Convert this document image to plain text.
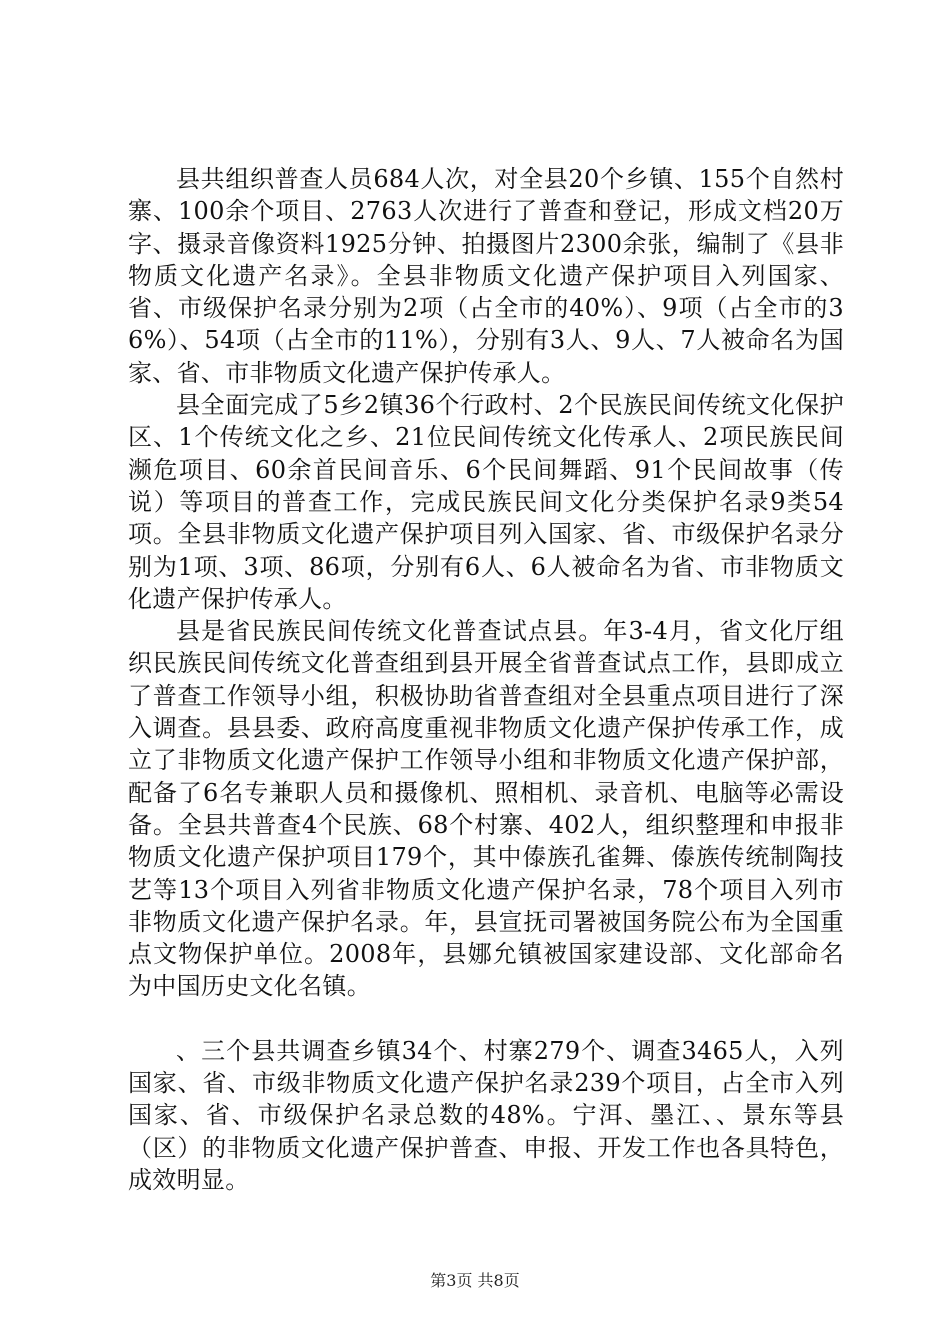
县共组织普查人员684人次，对全县20个乡镇、155个自然村寨、100余个项目、2763人次进行了普查和登记，形成文档20万字、摄录音像资料1925分钟、拍摄图片2300余张，编制了《县非物质文化遗产名录》。全县非物质文化遗产保护项目入列国家、省、市级保护名录分别为2项（占全市的40%）、9项（占全市的36%）、54项（占全市的11%），分别有3人、9人、7人被命名为国家、省、市非物质文化遗产保护传承人。

县全面完成了5乡2镇36个行政村、2个民族民间传统文化保护区、1个传统文化之乡、21位民间传统文化传承人、2项民族民间濒危项目、60余首民间音乐、6个民间舞蹈、91个民间故事（传说）等项目的普查工作，完成民族民间文化分类保护名录9类54项。全县非物质文化遗产保护项目列入国家、省、市级保护名录分别为1项、3项、86项，分别有6人、6人被命名为省、市非物质文化遗产保护传承人。

县是省民族民间传统文化普查试点县。年3-4月，省文化厅组织民族民间传统文化普查组到县开展全省普查试点工作，县即成立了普查工作领导小组，积极协助省普查组对全县重点项目进行了深入调查。县县委、政府高度重视非物质文化遗产保护传承工作，成立了非物质文化遗产保护工作领导小组和非物质文化遗产保护部，配备了6名专兼职人员和摄像机、照相机、录音机、电脑等必需设备。全县共普查4个民族、68个村寨、402人，组织整理和申报非物质文化遗产保护项目179个，其中傣族孔雀舞、傣族传统制陶技艺等13个项目入列省非物质文化遗产保护名录，78个项目入列市非物质文化遗产保护名录。年，县宣抚司署被国务院公布为全国重点文物保护单位。2008年，县娜允镇被国家建设部、文化部命名为中国历史文化名镇。

、三个县共调查乡镇34个、村寨279个、调查3465人，入列国家、省、市级非物质文化遗产保护名录239个项目，占全市入列国家、省、市级保护名录总数的48%。宁洱、墨江、、景东等县（区）的非物质文化遗产保护普查、申报、开发工作也各具特色，成效明显。

第3页 共8页
